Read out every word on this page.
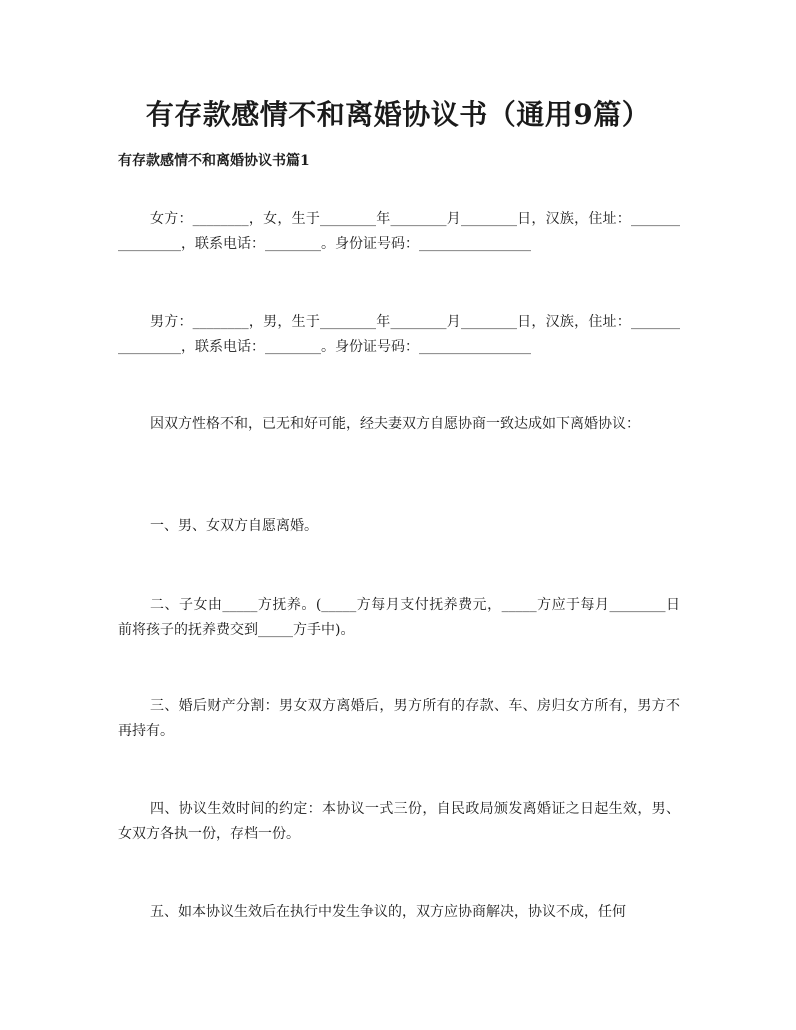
有存款感情不和离婚协议书（通用9篇）
有存款感情不和离婚协议书篇1

女方：________，女，生于________年________月________日，汉族，住址：________________，联系电话：________。身份证号码：________________

男方：________，男，生于________年________月________日，汉族，住址：________________，联系电话：________。身份证号码：________________

因双方性格不和，已无和好可能，经夫妻双方自愿协商一致达成如下离婚协议：

一、男、女双方自愿离婚。

二、子女由_____方抚养。(_____方每月支付抚养费元，_____方应于每月________日前将孩子的抚养费交到_____方手中)。

三、婚后财产分割：男女双方离婚后，男方所有的存款、车、房归女方所有，男方不再持有。

四、协议生效时间的约定：本协议一式三份，自民政局颁发离婚证之日起生效，男、女双方各执一份，存档一份。

五、如本协议生效后在执行中发生争议的，双方应协商解决，协议不成，任何
